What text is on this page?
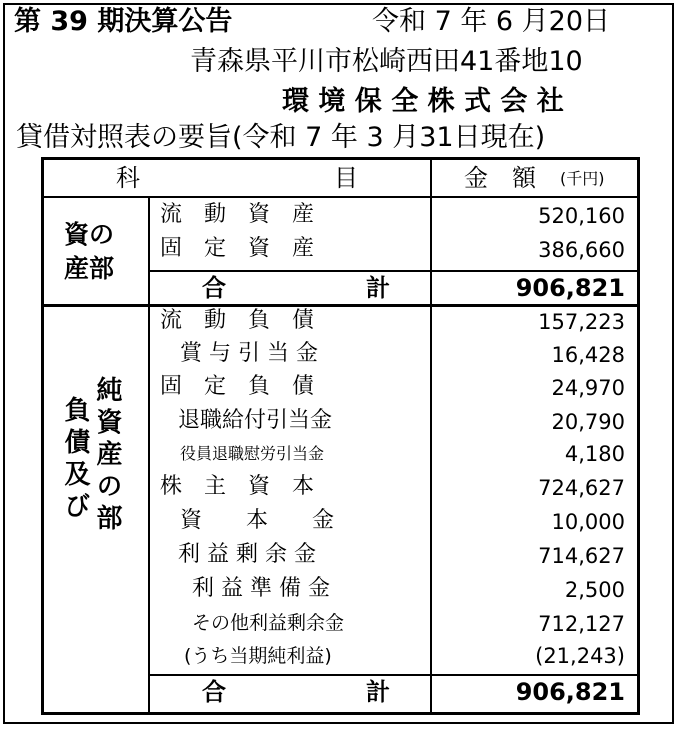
第 39 期決算公告	令和 7 年 6 月20日
青森県平川市松崎西田41番地10
環 境 保 全 株 式 会 社
貸借対照表の要旨(令和 7 年 3 月31日現在)
科	目	金　額 (千円)
資の
産部
流　動　資　産	520,160
固　定　資　産	386,660
合	計	906,821
純資産の部
負債及び
流　動　負　債	157,223
賞 与 引 当 金	16,428
固　定　負　債	24,970
退職給付引当金	20,790
役員退職慰労引当金	4,180
株　主　資　本	724,627
資　　本　　金	10,000
利 益 剰 余 金	714,627
利 益 準 備 金	2,500
その他利益剰余金	712,127
(うち当期純利益)	(21,243)
合	計	906,821
